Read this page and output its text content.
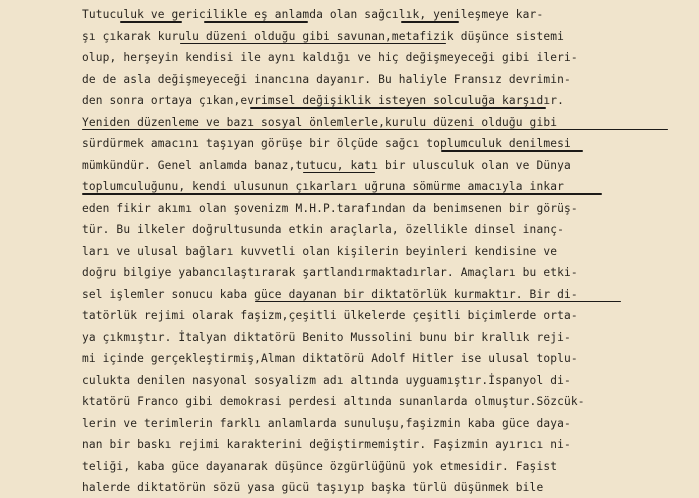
Tutuculuk ve gericilikle eş anlamda olan sağcılık, yenileşmeye kar-
şı çıkarak kurulu düzeni olduğu gibi savunan,metafizik düşünce sistemi
olup, herşeyin kendisi ile aynı kaldığı ve hiç değişmeyeceği gibi ileri-
de de asla değişmeyeceği inancına dayanır. Bu haliyle Fransız devrimin-
den sonra ortaya çıkan,evrimsel değişiklik isteyen solculuğa karşıdır.
Yeniden düzenleme ve bazı sosyal önlemlerle,kurulu düzeni olduğu gibi
sürdürmek amacını taşıyan görüşe bir ölçüde sağcı toplumculuk denilmesi
mümkündür. Genel anlamda banaz,tutucu, katı bir ulusculuk olan ve Dünya
toplumculuğunu, kendi ulusunun çıkarları uğruna sömürme amacıyla inkar
eden fikir akımı olan şovenizm M.H.P.tarafından da benimsenen bir görüş-
tür. Bu ilkeler doğrultusunda etkin araçlarla, özellikle dinsel inanç-
ları ve ulusal bağları kuvvetli olan kişilerin beyinleri kendisine ve
doğru bilgiye yabancılaştırarak şartlandırmaktadırlar. Amaçları bu etki-
sel işlemler sonucu kaba güce dayanan bir diktatörlük kurmaktır. Bir di-
tatörlük rejimi olarak faşizm,çeşitli ülkelerde çeşitli biçimlerde orta-
ya çıkmıştır. İtalyan diktatörü Benito Mussolini bunu bir krallık reji-
mi içinde gerçekleştirmiş,Alman diktatörü Adolf Hitler ise ulusal toplu-
culukta denilen nasyonal sosyalizm adı altında uyguamıştır.İspanyol di-
ktatörü Franco gibi demokrasi perdesi altında sunanlarda olmuştur.Sözcük-
lerin ve terimlerin farklı anlamlarda sunuluşu,faşizmin kaba güce daya-
nan bir baskı rejimi karakterini değiştirmemiştir. Faşizmin ayırıcı ni-
teliği, kaba güce dayanarak düşünce özgürlüğünü yok etmesidir. Faşist
halerde diktatörün sözü yasa gücü taşıyıp başka türlü düşünmek bile
